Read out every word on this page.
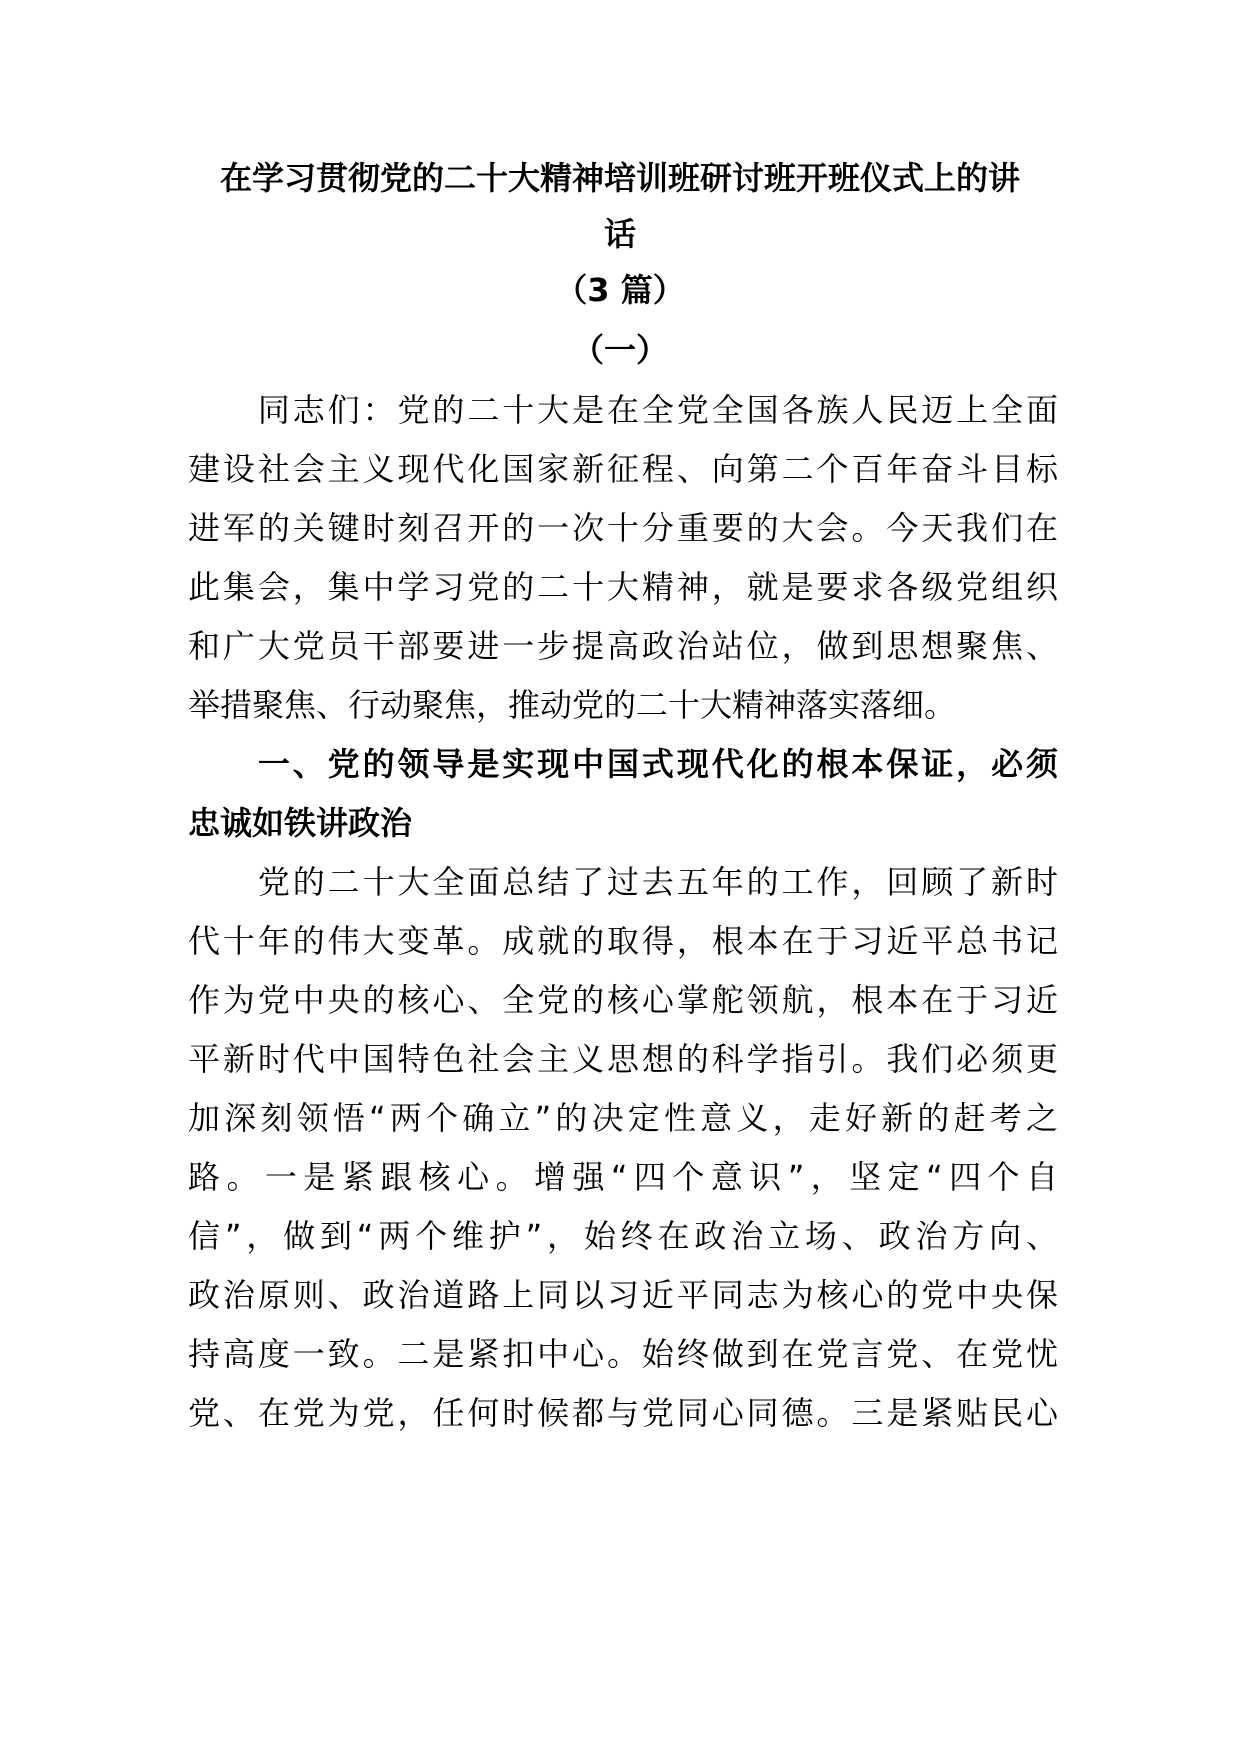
在学习贯彻党的二十大精神培训班研讨班开班仪式上的讲
话
（3 篇）
（一）
　　同志们：党的二十大是在全党全国各族人民迈上全面
建设社会主义现代化国家新征程、向第二个百年奋斗目标
进军的关键时刻召开的一次十分重要的大会。今天我们在
此集会，集中学习党的二十大精神，就是要求各级党组织
和广大党员干部要进一步提高政治站位，做到思想聚焦、
举措聚焦、行动聚焦，推动党的二十大精神落实落细。
　　一、党的领导是实现中国式现代化的根本保证，必须
忠诚如铁讲政治
　　党的二十大全面总结了过去五年的工作，回顾了新时
代十年的伟大变革。成就的取得，根本在于习近平总书记
作为党中央的核心、全党的核心掌舵领航，根本在于习近
平新时代中国特色社会主义思想的科学指引。我们必须更
加深刻领悟“两个确立”的决定性意义，走好新的赶考之
路。一是紧跟核心。增强“四个意识”，坚定“四个自
信”，做到“两个维护”，始终在政治立场、政治方向、
政治原则、政治道路上同以习近平同志为核心的党中央保
持高度一致。二是紧扣中心。始终做到在党言党、在党忧
党、在党为党，任何时候都与党同心同德。三是紧贴民心
